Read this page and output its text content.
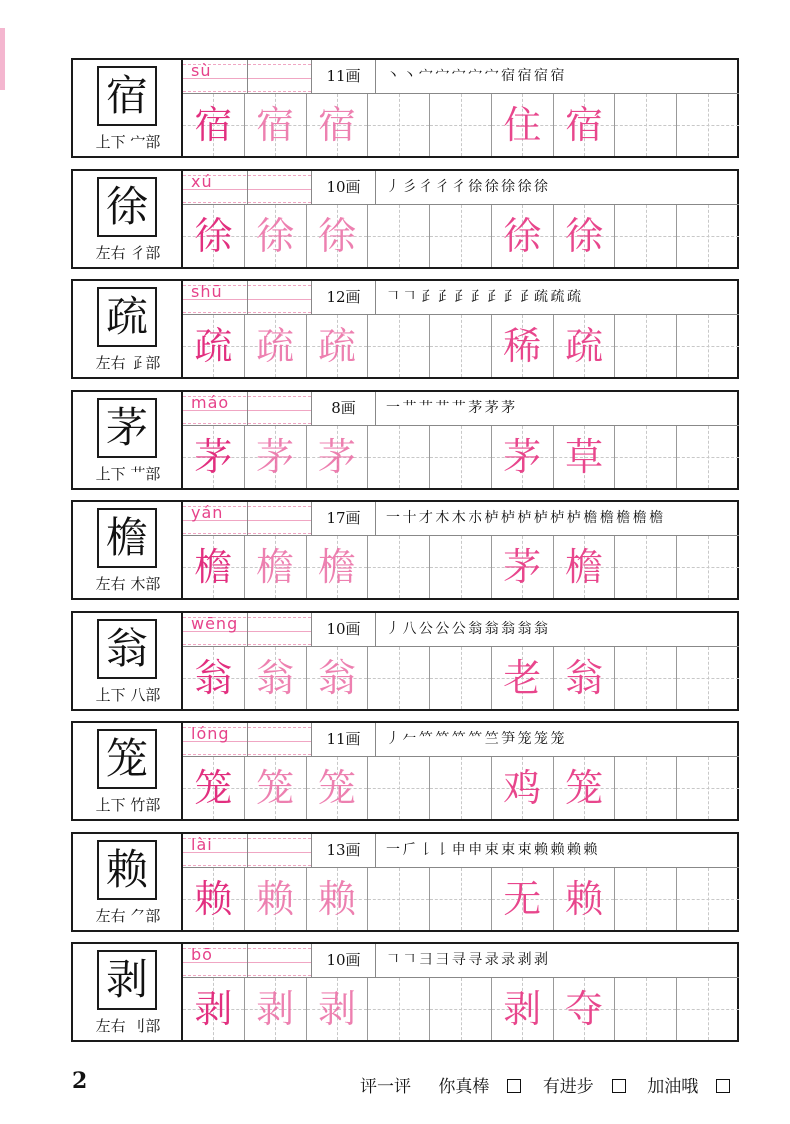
宿
上下 宀部
sù	11画	丶 丶 宀 宀 宀 宀 宀 宿 宿 宿 宿
宿 宿 宿	住 宿
徐
左右 彳部
xú	10画	丿 彡 彳 彳 彳 徐 徐 徐 徐 徐
徐 徐 徐	徐 徐
疏
左右 𤴔部
shū	12画	𠃍 𠃍 𤴔 𤴔 𤴔 𤴔 𤴔 𤴔 𤴔 疏 疏 疏
疏 疏 疏	稀 疏
茅
上下 艹部
máo	8画	一 艹 艹 艹 艹 茅 茅 茅
茅 茅 茅	茅 草
檐
左右 木部
yán	17画	一 十 才 木 木 朩 栌 栌 栌 栌 栌 栌 檐 檐 檐 檐 檐
檐 檐 檐	茅 檐
翁
上下 八部
wēng	10画	丿 八 公 公 公 翁 翁 翁 翁 翁
翁 翁 翁	老 翁
笼
上下 竹部
lóng	11画	丿 𠂉 𥫗 𥫗 𥫗 𥫗 竺 笋 笼 笼 笼
笼 笼 笼	鸡 笼
赖
左右 ⺈部
lài	13画	一 𠂆 𠄌 𠄌 申 申 束 束 束 赖 赖 赖 赖
赖 赖 赖	无 赖
剥
左右 刂部
bō	10画	𠃍 𠃍 彐 彐 寻 寻 录 录 剥 剥
剥 剥 剥	剥 夺
2	评一评 你真棒	有进步	加油哦
